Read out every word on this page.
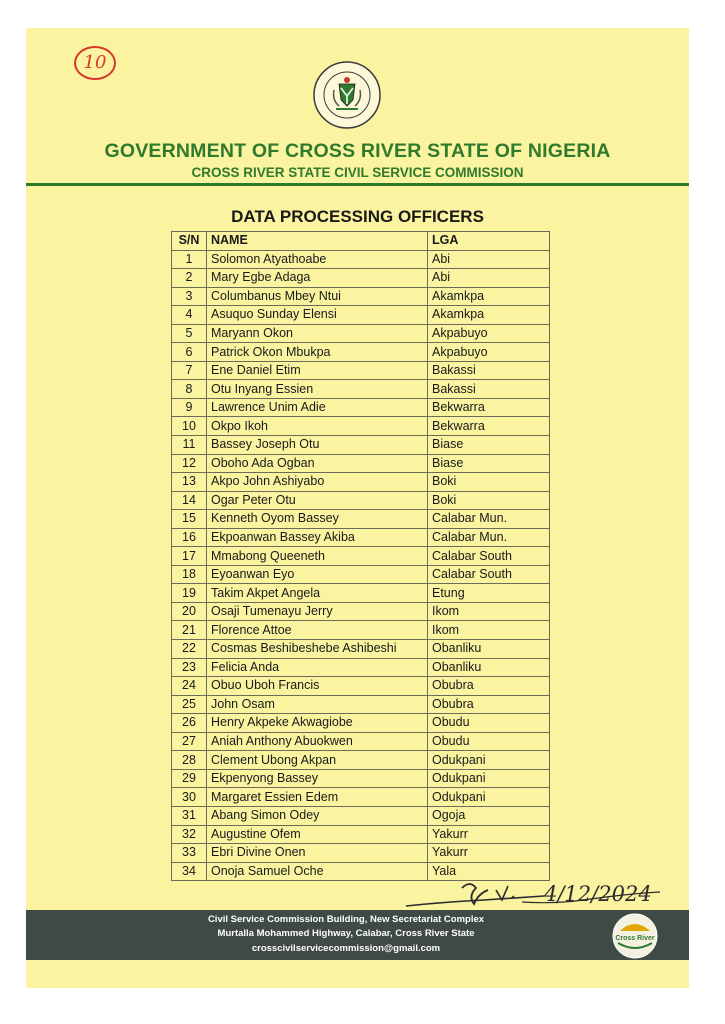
10
GOVERNMENT OF CROSS RIVER STATE OF NIGERIA
CROSS RIVER STATE CIVIL SERVICE COMMISSION
DATA PROCESSING OFFICERS
S/N	NAME	LGA
1	Solomon Atyathoabe	Abi
2	Mary Egbe Adaga	Abi
3	Columbanus Mbey Ntui	Akamkpa
4	Asuquo Sunday Elensi	Akamkpa
5	Maryann Okon	Akpabuyo
6	Patrick Okon Mbukpa	Akpabuyo
7	Ene Daniel Etim	Bakassi
8	Otu Inyang Essien	Bakassi
9	Lawrence Unim Adie	Bekwarra
10	Okpo Ikoh	Bekwarra
11	Bassey Joseph Otu	Biase
12	Oboho Ada Ogban	Biase
13	Akpo John Ashiyabo	Boki
14	Ogar Peter Otu	Boki
15	Kenneth Oyom Bassey	Calabar Mun.
16	Ekpoanwan Bassey Akiba	Calabar Mun.
17	Mmabong Queeneth	Calabar South
18	Eyoanwan Eyo	Calabar South
19	Takim Akpet Angela	Etung
20	Osaji Tumenayu Jerry	Ikom
21	Florence Attoe	Ikom
22	Cosmas Beshibeshebe Ashibeshi	Obanliku
23	Felicia Anda	Obanliku
24	Obuo Uboh Francis	Obubra
25	John Osam	Obubra
26	Henry Akpeke Akwagiobe	Obudu
27	Aniah Anthony Abuokwen	Obudu
28	Clement Ubong Akpan	Odukpani
29	Ekpenyong Bassey	Odukpani
30	Margaret Essien Edem	Odukpani
31	Abang Simon Odey	Ogoja
32	Augustine Ofem	Yakurr
33	Ebri Divine Onen	Yakurr
34	Onoja Samuel Oche	Yala
4/12/2024
Civil Service Commission Building, New Secretariat Complex
Murtalla Mohammed Highway, Calabar, Cross River State
crosscivilservicecommission@gmail.com
Cross River
